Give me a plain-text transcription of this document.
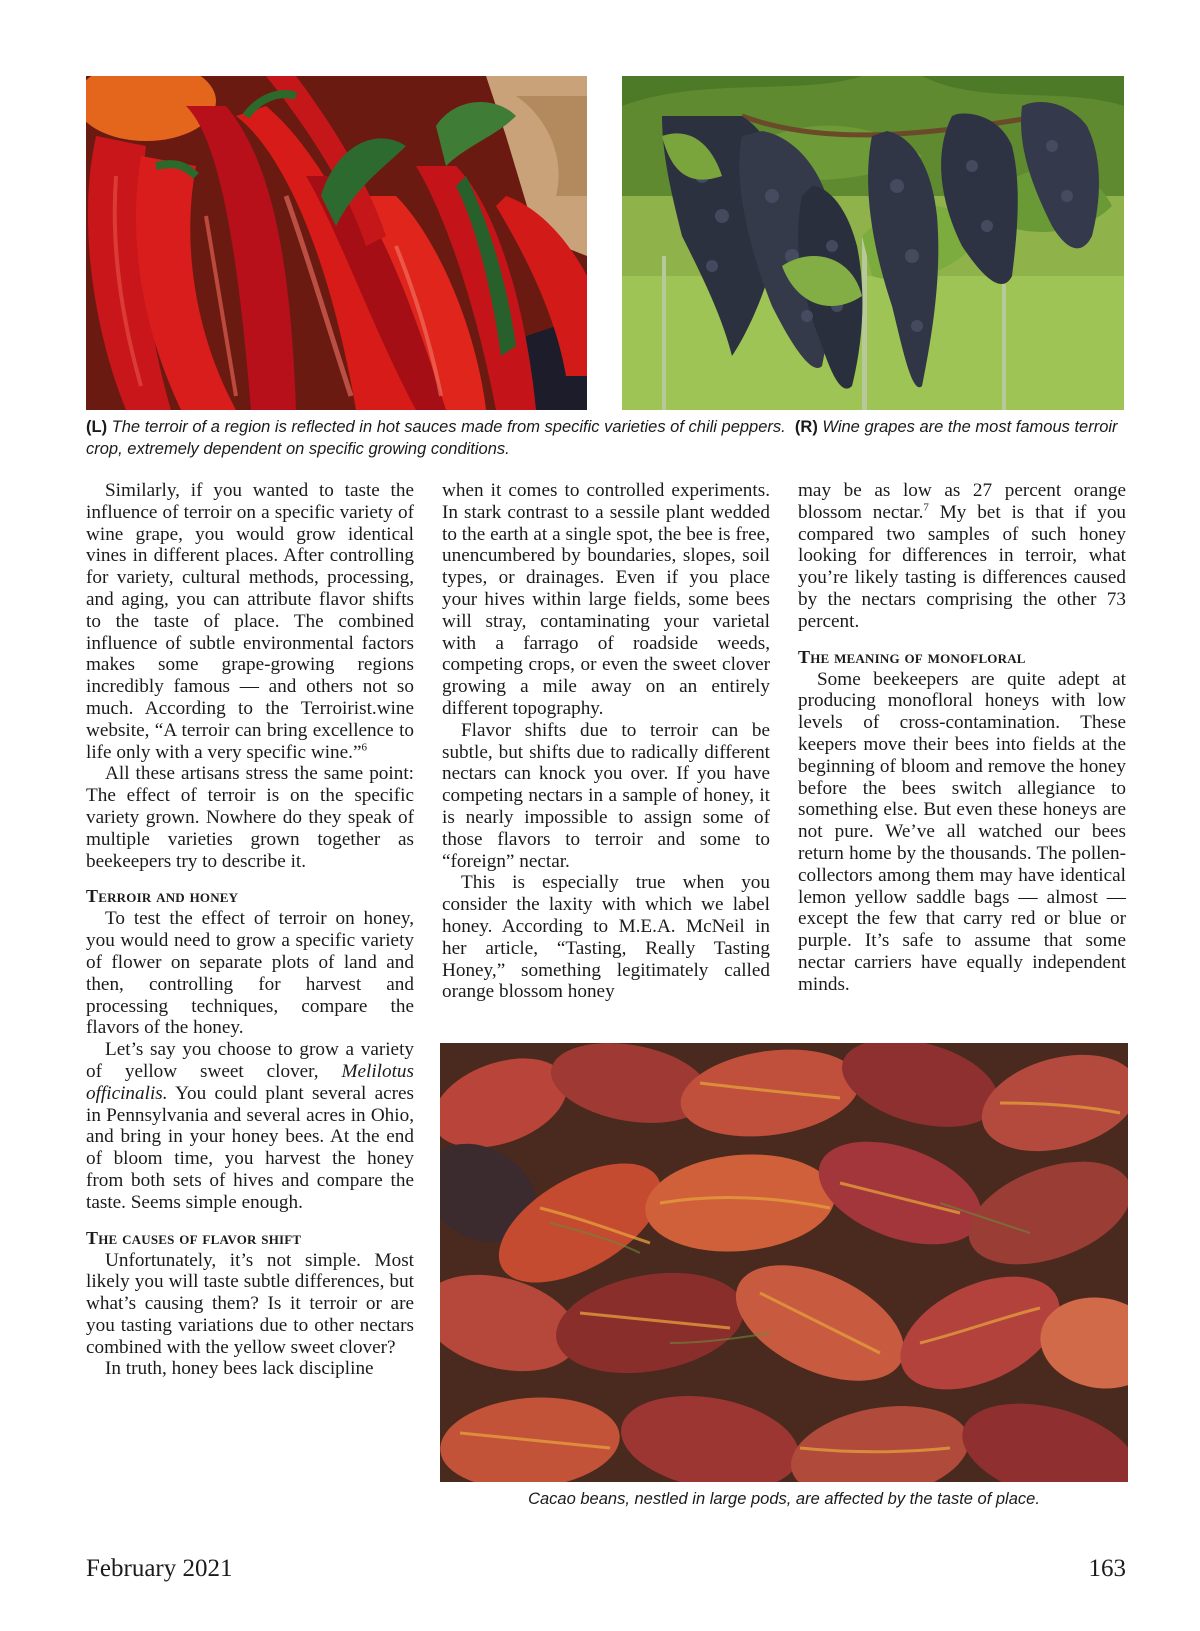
(L) The terroir of a region is reflected in hot sauces made from specific varieties of chili peppers. (R) Wine grapes are the most famous terroir crop, extremely dependent on specific growing conditions.

Similarly, if you wanted to taste the influence of terroir on a specific variety of wine grape, you would grow identical vines in different places. After controlling for variety, cultural methods, processing, and aging, you can attribute flavor shifts to the taste of place. The combined influence of subtle environmental factors makes some grape-growing regions incredibly famous — and others not so much. According to the Terroirist.wine website, “A terroir can bring excellence to life only with a very specific wine.”$^6$

All these artisans stress the same point: The effect of terroir is on the specific variety grown. Nowhere do they speak of multiple varieties grown together as beekeepers try to describe it.

Terroir and honey

To test the effect of terroir on honey, you would need to grow a specific variety of flower on separate plots of land and then, controlling for harvest and processing techniques, compare the flavors of the honey.

Let’s say you choose to grow a variety of yellow sweet clover, Melilotus officinalis. You could plant several acres in Pennsylvania and several acres in Ohio, and bring in your honey bees. At the end of bloom time, you harvest the honey from both sets of hives and compare the taste. Seems simple enough.

The causes of flavor shift

Unfortunately, it’s not simple. Most likely you will taste subtle differences, but what’s causing them? Is it terroir or are you tasting variations due to other nectars combined with the yellow sweet clover?

In truth, honey bees lack discipline

when it comes to controlled experiments. In stark contrast to a sessile plant wedded to the earth at a single spot, the bee is free, unencumbered by boundaries, slopes, soil types, or drainages. Even if you place your hives within large fields, some bees will stray, contaminating your varietal with a farrago of roadside weeds, competing crops, or even the sweet clover growing a mile away on an entirely different topography.

Flavor shifts due to terroir can be subtle, but shifts due to radically different nectars can knock you over. If you have competing nectars in a sample of honey, it is nearly impossible to assign some of those flavors to terroir and some to “foreign” nectar.

This is especially true when you consider the laxity with which we label honey. According to M.E.A. McNeil in her article, “Tasting, Really Tasting Honey,” something legitimately called orange blossom honey

may be as low as 27 percent orange blossom nectar.$^7$ My bet is that if you compared two samples of such honey looking for differences in terroir, what you’re likely tasting is differences caused by the nectars comprising the other 73 percent.

The meaning of monofloral

Some beekeepers are quite adept at producing monofloral honeys with low levels of cross-contamination. These keepers move their bees into fields at the beginning of bloom and remove the honey before the bees switch allegiance to something else. But even these honeys are not pure. We’ve all watched our bees return home by the thousands. The pollen-collectors among them may have identical lemon yellow saddle bags — almost — except the few that carry red or blue or purple. It’s safe to assume that some nectar carriers have equally independent minds.

Cacao beans, nestled in large pods, are affected by the taste of place.
February 2021	163
